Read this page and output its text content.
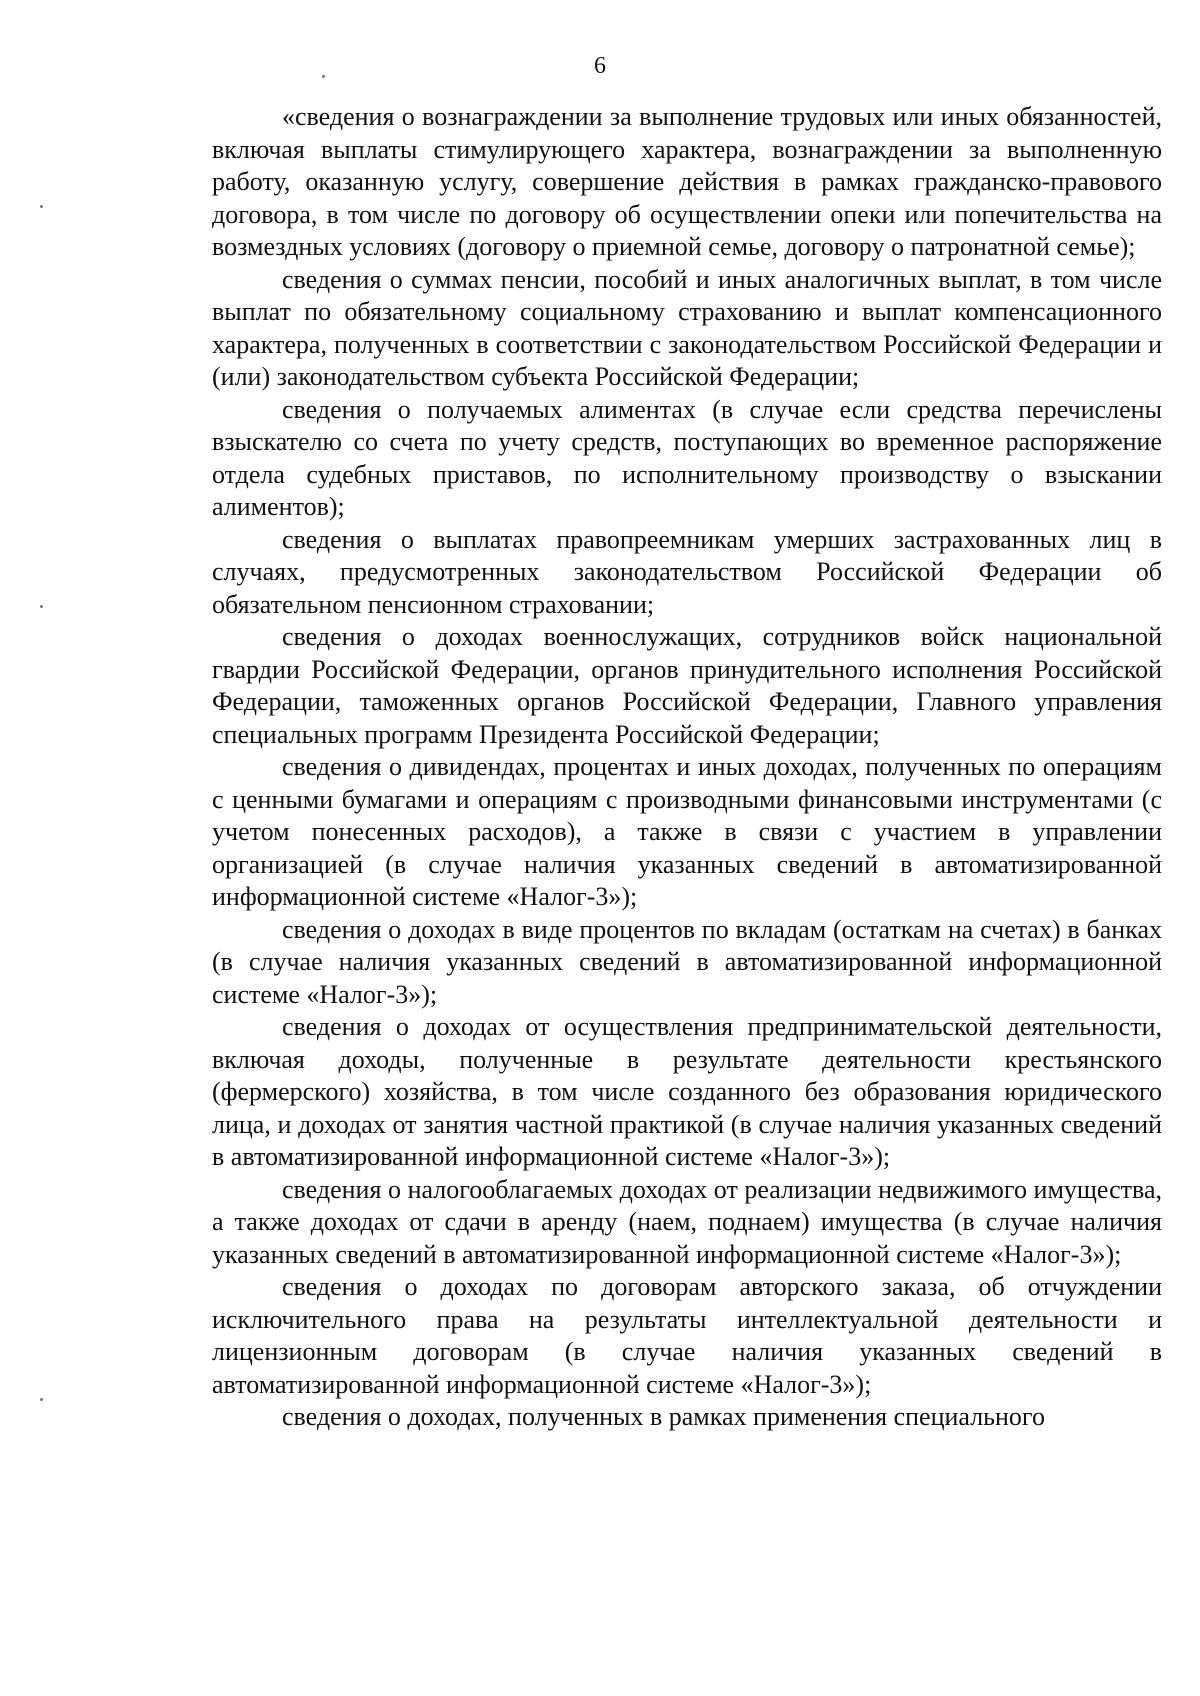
6

«сведения о вознаграждении за выполнение трудовых или иных обязанностей, включая выплаты стимулирующего характера, вознаграждении за выполненную работу, оказанную услугу, совершение действия в рамках гражданско-правового договора, в том числе по договору об осуществлении опеки или попечительства на возмездных условиях (договору о приемной семье, договору о патронатной семье);

сведения о суммах пенсии, пособий и иных аналогичных выплат, в том числе выплат по обязательному социальному страхованию и выплат компенсационного характера, полученных в соответствии с законодательством Российской Федерации и (или) законодательством субъекта Российской Федерации;

сведения о получаемых алиментах (в случае если средства перечислены взыскателю со счета по учету средств, поступающих во временное распоряжение отдела судебных приставов, по исполнительному производству о взыскании алиментов);

сведения о выплатах правопреемникам умерших застрахованных лиц в случаях, предусмотренных законодательством Российской Федерации об обязательном пенсионном страховании;

сведения о доходах военнослужащих, сотрудников войск национальной гвардии Российской Федерации, органов принудительного исполнения Российской Федерации, таможенных органов Российской Федерации, Главного управления специальных программ Президента Российской Федерации;

сведения о дивидендах, процентах и иных доходах, полученных по операциям с ценными бумагами и операциям с производными финансовыми инструментами (с учетом понесенных расходов), а также в связи с участием в управлении организацией (в случае наличия указанных сведений в автоматизированной информационной системе «Налог-3»);

сведения о доходах в виде процентов по вкладам (остаткам на счетах) в банках (в случае наличия указанных сведений в автоматизированной информационной системе «Налог-3»);

сведения о доходах от осуществления предпринимательской деятельности, включая доходы, полученные в результате деятельности крестьянского (фермерского) хозяйства, в том числе созданного без образования юридического лица, и доходах от занятия частной практикой (в случае наличия указанных сведений в автоматизированной информационной системе «Налог-3»);

сведения о налогооблагаемых доходах от реализации недвижимого имущества, а также доходах от сдачи в аренду (наем, поднаем) имущества (в случае наличия указанных сведений в автоматизированной информационной системе «Налог-3»);

сведения о доходах по договорам авторского заказа, об отчуждении исключительного права на результаты интеллектуальной деятельности и лицензионным договорам (в случае наличия указанных сведений в автоматизированной информационной системе «Налог-3»);

сведения о доходах, полученных в рамках применения специального
